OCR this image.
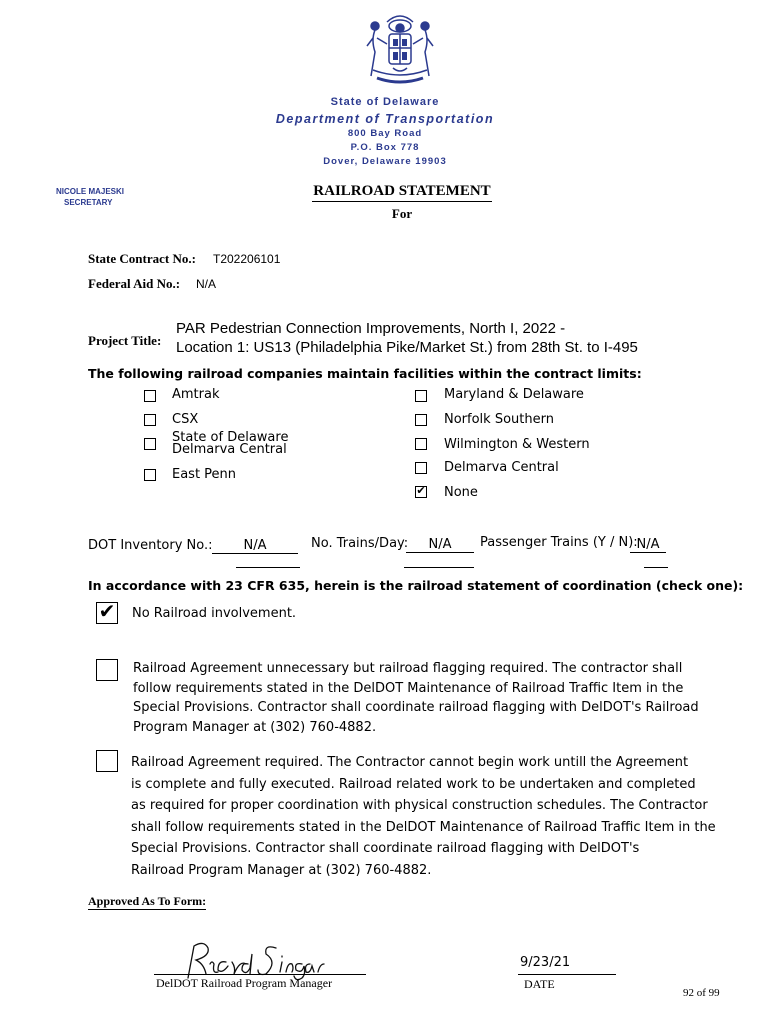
State of Delaware
Department of Transportation
800 Bay Road
P.O. Box 778
Dover, Delaware 19903
NICOLE MAJESKI
SECRETARY
RAILROAD STATEMENT
For
State Contract No.: T202206101
Federal Aid No.: N/A
Project Title:
PAR Pedestrian Connection Improvements, North I, 2022 -
Location 1: US13 (Philadelphia Pike/Market St.) from 28th St. to I-495
The following railroad companies maintain facilities within the contract limits:
Amtrak
CSX
State of Delaware
Delmarva Central
East Penn
Maryland & Delaware
Norfolk Southern
Wilmington & Western
Delmarva Central
✔ None
DOT Inventory No.:	N/A	No. Trains/Day:	N/A	Passenger Trains (Y / N):
N/A
In accordance with 23 CFR 635, herein is the railroad statement of coordination (check one):
✔ No Railroad involvement.
Railroad Agreement unnecessary but railroad flagging required. The contractor shall
follow requirements stated in the DelDOT Maintenance of Railroad Traffic Item in the
Special Provisions. Contractor shall coordinate railroad flagging with DelDOT's Railroad
Program Manager at (302) 760-4882.
Railroad Agreement required. The Contractor cannot begin work untill the Agreement
is complete and fully executed. Railroad related work to be undertaken and completed
as required for proper coordination with physical construction schedules. The Contractor
shall follow requirements stated in the DelDOT Maintenance of Railroad Traffic Item in the
Special Provisions. Contractor shall coordinate railroad flagging with DelDOT's
Railroad Program Manager at (302) 760-4882.
Approved As To Form:
DelDOT Railroad Program Manager
9/23/21
DATE
92 of 99
